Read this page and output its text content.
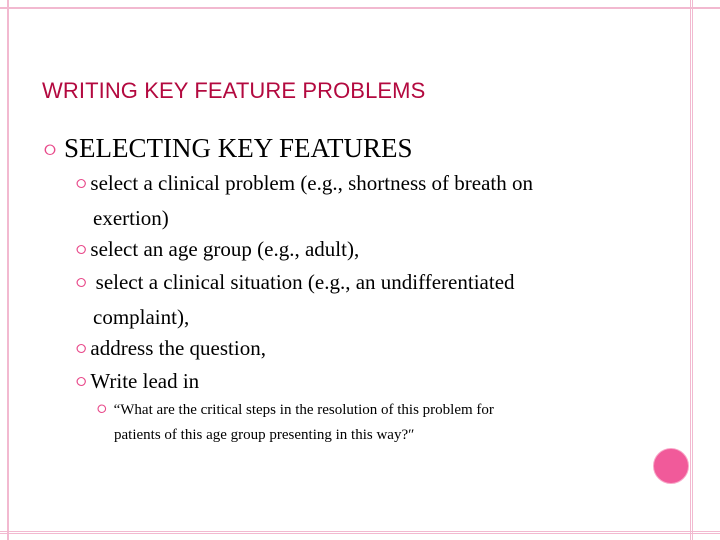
WRITING KEY FEATURE PROBLEMS
⭘ SELECTING KEY FEATURES
⭘ select a clinical problem (e.g., shortness of breath on
exertion)
⭘ select an age group (e.g., adult),
⭘ select a clinical situation (e.g., an undifferentiated
complaint),
⭘ address the question,
⭘ Write lead in
⭘ “What are the critical steps in the resolution of this problem for
patients of this age group presenting in this way?″
